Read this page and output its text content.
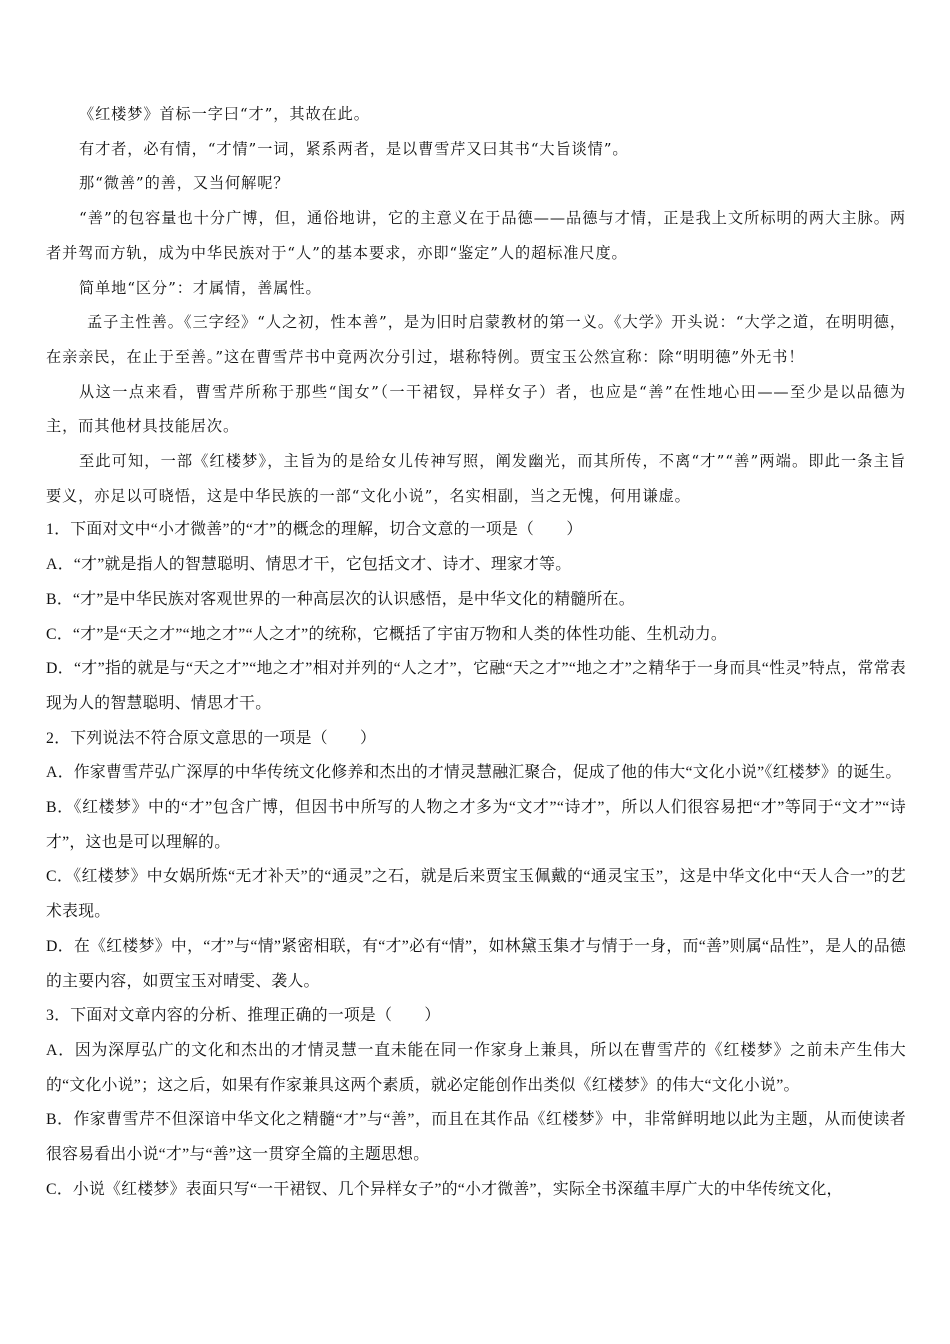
《红楼梦》首标一字曰“才”，其故在此。

有才者，必有情，“才情”一词，紧系两者，是以曹雪芹又曰其书“大旨谈情”。

那“微善”的善，又当何解呢？

“善”的包容量也十分广博，但，通俗地讲，它的主意义在于品德——品德与才情，正是我上文所标明的两大主脉。两者并驾而方轨，成为中华民族对于“人”的基本要求，亦即“鉴定”人的超标准尺度。

简单地“区分”：才属情，善属性。

孟子主性善。《三字经》“人之初，性本善”，是为旧时启蒙教材的第一义。《大学》开头说：“大学之道，在明明德，在亲亲民，在止于至善。”这在曹雪芹书中竟两次分引过，堪称特例。贾宝玉公然宣称：除“明明德”外无书！

从这一点来看，曹雪芹所称于那些“闺女”（一干裙钗，异样女子）者，也应是“善”在性地心田——至少是以品德为主，而其他材具技能居次。

至此可知，一部《红楼梦》，主旨为的是给女儿传神写照，阐发幽光，而其所传，不离“才”“善”两端。即此一条主旨要义，亦足以可晓悟，这是中华民族的一部“文化小说”，名实相副，当之无愧，何用谦虚。

1．下面对文中“小才微善”的“才”的概念的理解，切合文意的一项是（　　）

A．“才”就是指人的智慧聪明、情思才干，它包括文才、诗才、理家才等。

B．“才”是中华民族对客观世界的一种高层次的认识感悟，是中华文化的精髓所在。

C．“才”是“天之才”“地之才”“人之才”的统称，它概括了宇宙万物和人类的体性功能、生机动力。

D．“才”指的就是与“天之才”“地之才”相对并列的“人之才”，它融“天之才”“地之才”之精华于一身而具“性灵”特点，常常表现为人的智慧聪明、情思才干。

2．下列说法不符合原文意思的一项是（　　）

A．作家曹雪芹弘广深厚的中华传统文化修养和杰出的才情灵慧融汇聚合，促成了他的伟大“文化小说”《红楼梦》的诞生。

B．《红楼梦》中的“才”包含广博，但因书中所写的人物之才多为“文才”“诗才”，所以人们很容易把“才”等同于“文才”“诗才”，这也是可以理解的。

C．《红楼梦》中女娲所炼“无才补天”的“通灵”之石，就是后来贾宝玉佩戴的“通灵宝玉”，这是中华文化中“天人合一”的艺术表现。

D．在《红楼梦》中，“才”与“情”紧密相联，有“才”必有“情”，如林黛玉集才与情于一身，而“善”则属“品性”，是人的品德的主要内容，如贾宝玉对晴雯、袭人。

3．下面对文章内容的分析、推理正确的一项是（　　）

A．因为深厚弘广的文化和杰出的才情灵慧一直未能在同一作家身上兼具，所以在曹雪芹的《红楼梦》之前未产生伟大的“文化小说”；这之后，如果有作家兼具这两个素质，就必定能创作出类似《红楼梦》的伟大“文化小说”。

B．作家曹雪芹不但深谙中华文化之精髓“才”与“善”，而且在其作品《红楼梦》中，非常鲜明地以此为主题，从而使读者很容易看出小说“才”与“善”这一贯穿全篇的主题思想。

C．小说《红楼梦》表面只写“一干裙钗、几个异样女子”的“小才微善”，实际全书深蕴丰厚广大的中华传统文化，
